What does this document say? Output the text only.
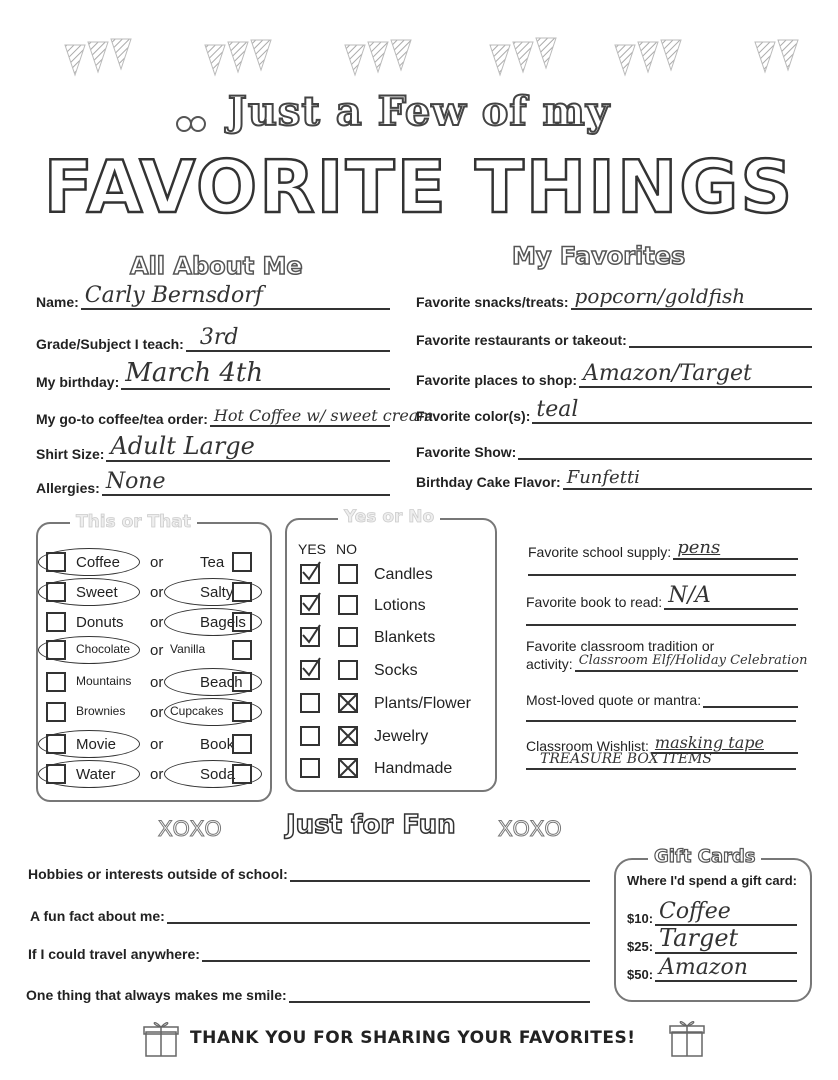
Just a Few of my
FAVORITE THINGS
All About Me	My Favorites
Name: Carly Bernsdorf
Grade/Subject I teach: 3rd
My birthday: March 4th
My go-to coffee/tea order: Hot Coffee w/ sweet cream
Shirt Size: Adult Large
Allergies: None
Favorite snacks/treats: popcorn/goldfish
Favorite restaurants or takeout:
Favorite places to shop: Amazon/Target
Favorite color(s): teal
Favorite Show:
Birthday Cake Flavor: Funfetti
This or That
Coffee or Tea
Sweet or Salty
Donuts or Bagels
Chocolate or Vanilla
Mountains or Beach
Brownies or Cupcakes
Movie or Book
Water or Soda
Yes or No
YES NO
Candles
Lotions
Blankets
Socks
Plants/Flower
Jewelry
Handmade
Favorite school supply: pens
Favorite book to read: N/A
Favorite classroom tradition or
activity: Classroom Elf/Holiday Celebration
Most-loved quote or mantra:
Classroom Wishlist: masking tape
TREASURE BOX ITEMS
Just for Fun
XOXO	XOXO
Hobbies or interests outside of school:
A fun fact about me:
If I could travel anywhere:
One thing that always makes me smile:
Gift Cards
Where I'd spend a gift card:
$10: Coffee
$25: Target
$50: Amazon
THANK YOU FOR SHARING YOUR FAVORITES!
